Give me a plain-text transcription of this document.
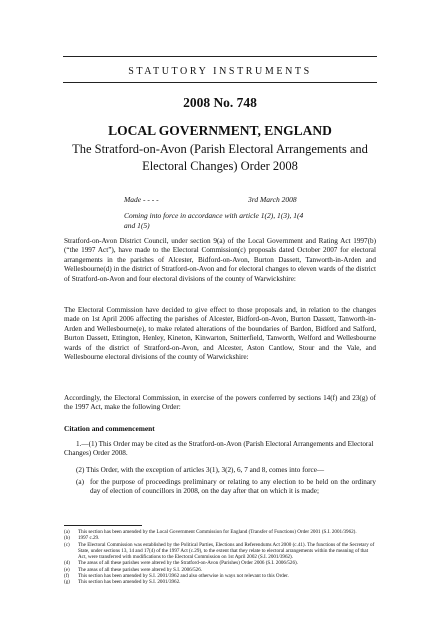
STATUTORY INSTRUMENTS
2008 No. 748
LOCAL GOVERNMENT, ENGLAND
The Stratford-on-Avon (Parish Electoral Arrangements and Electoral Changes) Order 2008
Made - - - -	3rd March 2008
Coming into force in accordance with article 1(2), 1(3), 1(4 and 1(5)
Stratford-on-Avon District Council, under section 9(a) of the Local Government and Rating Act 1997(b) (“the 1997 Act”), have made to the Electoral Commission(c) proposals dated October 2007 for electoral arrangements in the parishes of Alcester, Bidford-on-Avon, Burton Dassett, Tanworth-in-Arden and Wellesbourne(d) in the district of Stratford-on-Avon and for electoral changes to eleven wards of the district of Stratford-on-Avon and four electoral divisions of the county of Warwickshire:
The Electoral Commission have decided to give effect to those proposals and, in relation to the changes made on 1st April 2006 affecting the parishes of Alcester, Bidford-on-Avon, Burton Dassett, Tanworth-in-Arden and Wellesbourne(e), to make related alterations of the boundaries of Bardon, Bidford and Salford, Burton Dassett, Ettington, Henley, Kineton, Kinwarton, Snitterfield, Tanworth, Welford and Wellesbourne wards of the district of Stratford-on-Avon, and Alcester, Aston Cantlow, Stour and the Vale, and Wellesbourne electoral divisions of the county of Warwickshire:
Accordingly, the Electoral Commission, in exercise of the powers conferred by sections 14(f) and 23(g) of the 1997 Act, make the following Order:
Citation and commencement
1.—(1) This Order may be cited as the Stratford-on-Avon (Parish Electoral Arrangements and Electoral Changes) Order 2008.
(2) This Order, with the exception of articles 3(1), 3(2), 6, 7 and 8, comes into force—
(a) for the purpose of proceedings preliminary or relating to any election to be held on the ordinary day of election of councillors in 2008, on the day after that on which it is made;
(a) This section has been amended by the Local Government Commission for England (Transfer of Functions) Order 2001 (S.I. 2001/3962).
(b) 1997 c.29.
(c) The Electoral Commission was established by the Political Parties, Elections and Referendums Act 2000 (c.41). The functions of the Secretary of State, under sections 13, 14 and 17(4) of the 1997 Act (c.29), to the extent that they relate to electoral arrangements within the meaning of that Act, were transferred with modifications to the Electoral Commission on 1st April 2002 (S.I. 2001/3962).
(d) The areas of all these parishes were altered by the Stratford-on-Avon (Parishes) Order 2006 (S.I. 2006/526).
(e) The areas of all these parishes were altered by S.I. 2006/526.
(f) This section has been amended by S.I. 2001/3962 and also otherwise in ways not relevant to this Order.
(g) This section has been amended by S.I. 2001/3962.
